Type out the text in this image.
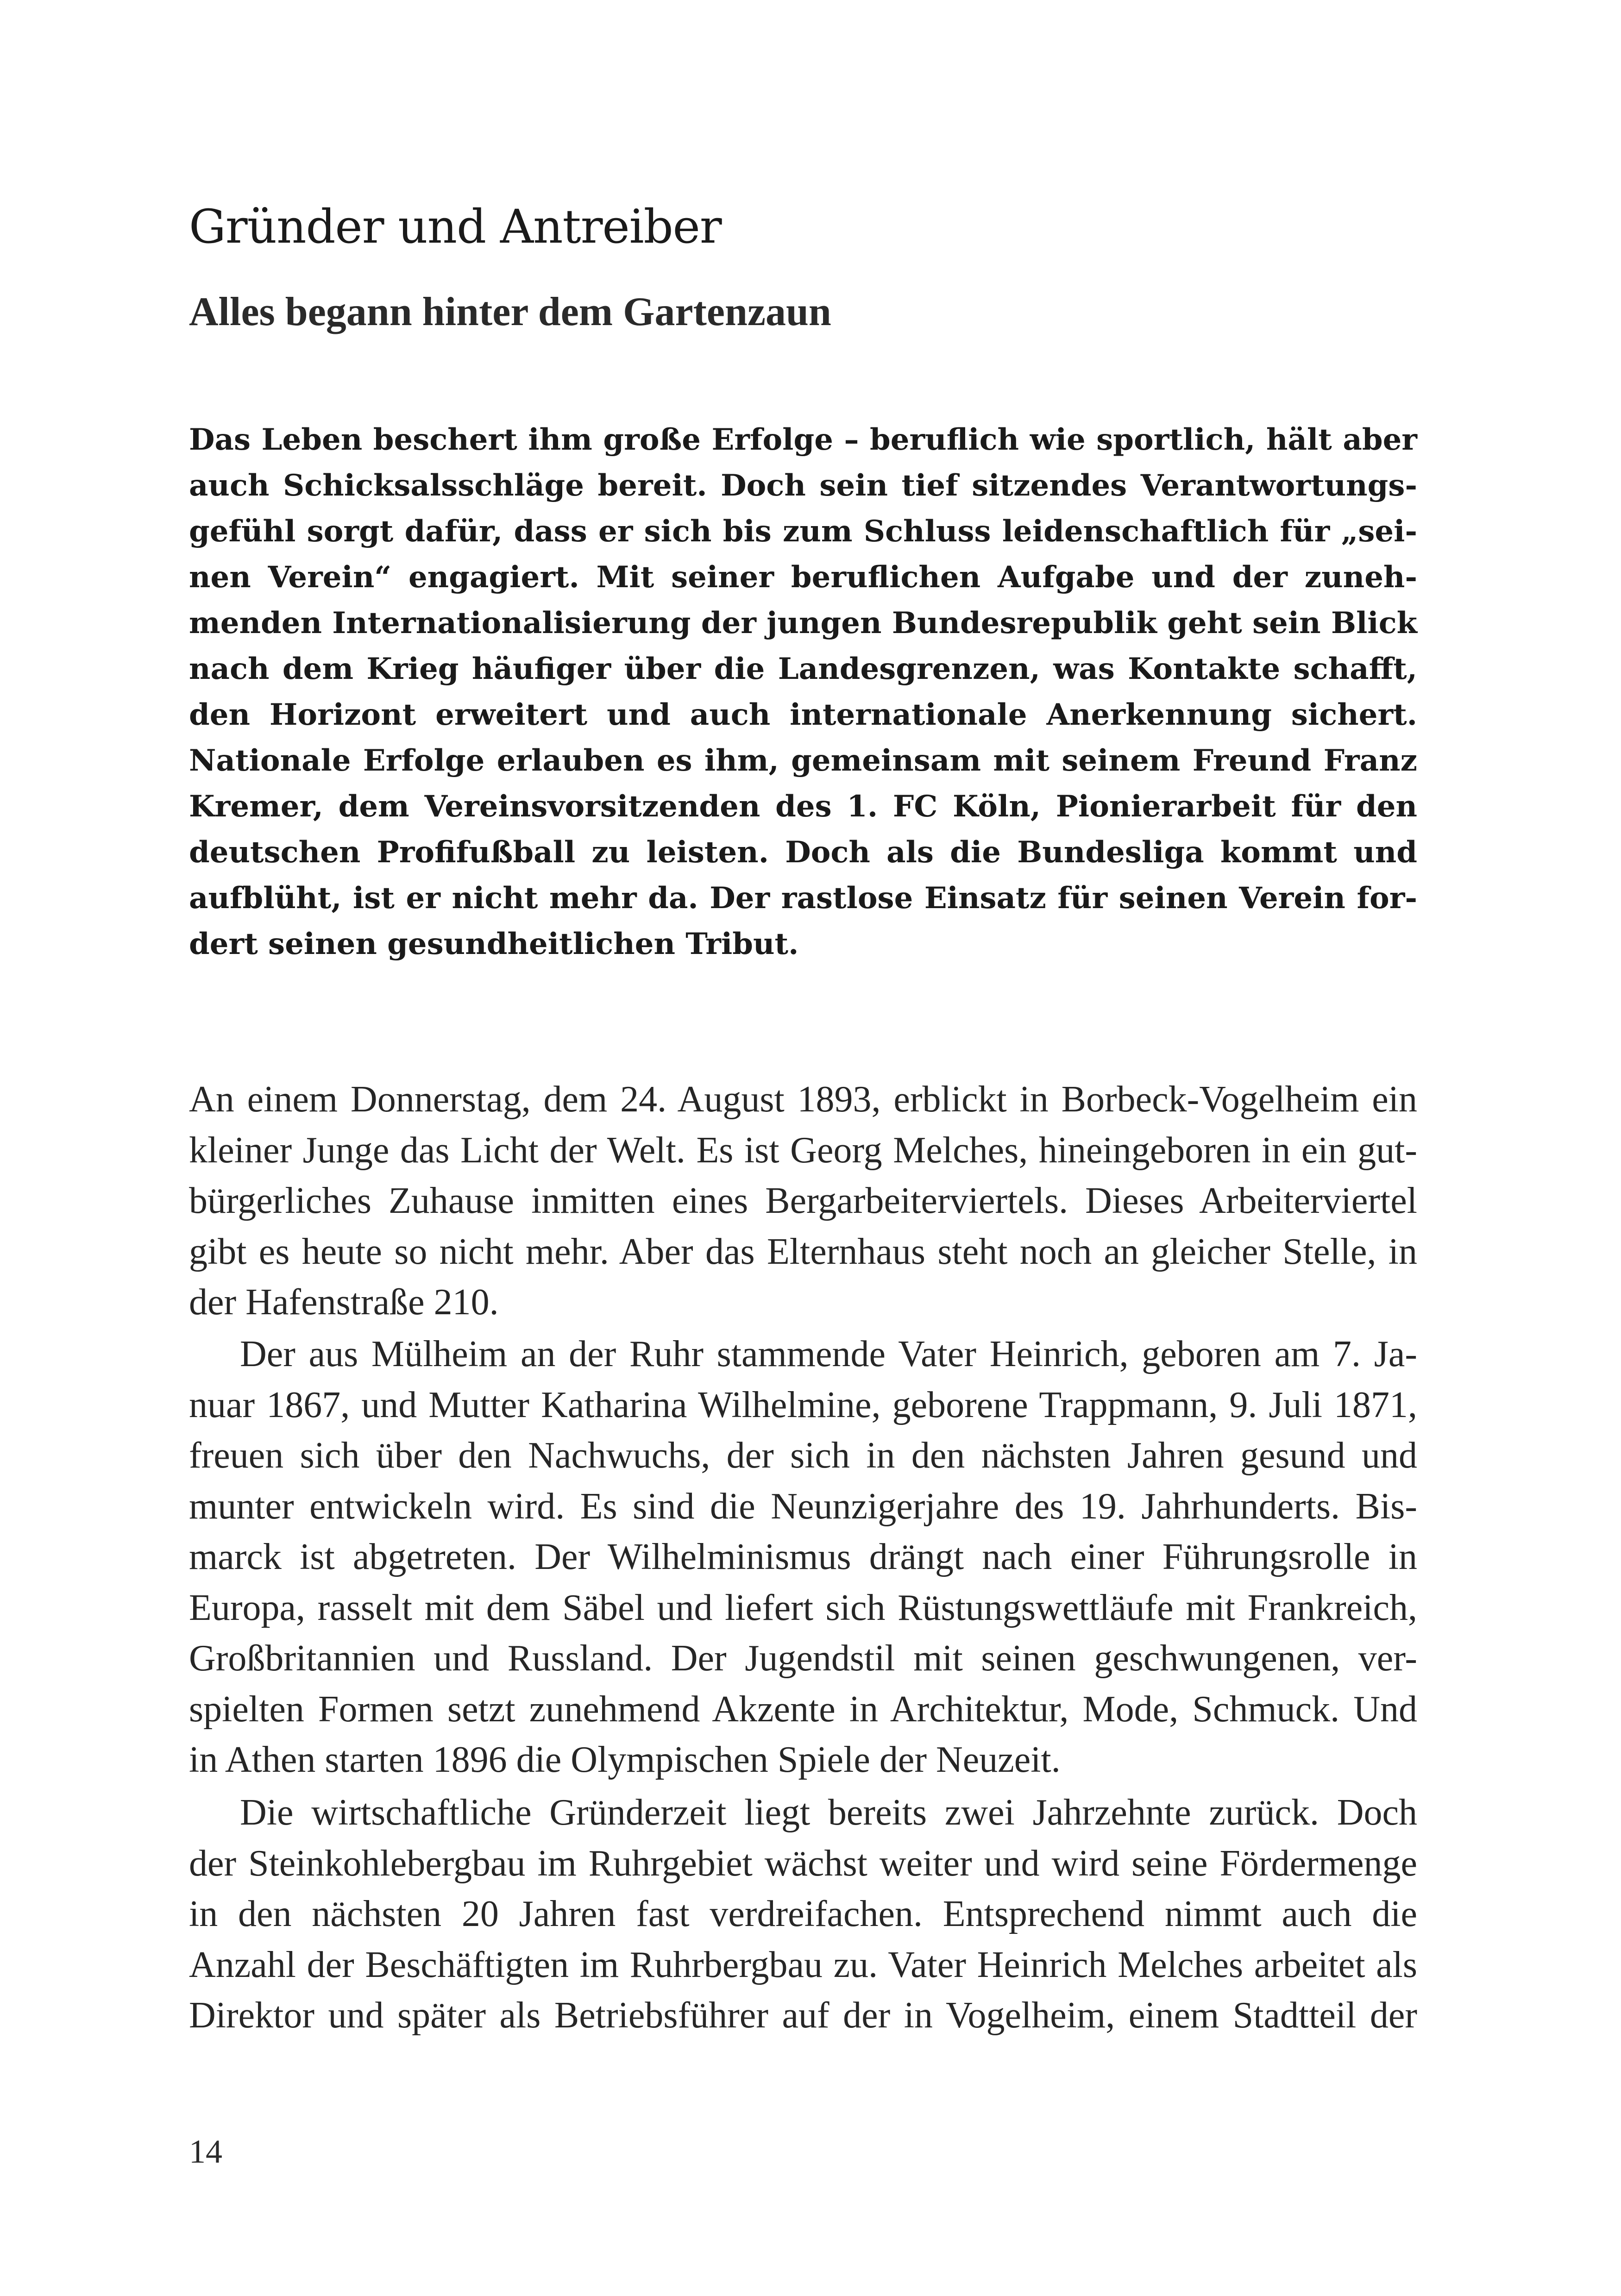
Gründer und Antreiber
Alles begann hinter dem Gartenzaun
Das Leben beschert ihm große Erfolge – beruflich wie sportlich, hält aber
auch Schicksalsschläge bereit. Doch sein tief sitzendes Verantwortungs-
gefühl sorgt dafür, dass er sich bis zum Schluss leidenschaftlich für „sei-
nen Verein“ engagiert. Mit seiner beruflichen Aufgabe und der zuneh-
menden Internationalisierung der jungen Bundesrepublik geht sein Blick
nach dem Krieg häufiger über die Landesgrenzen, was Kontakte schafft,
den Horizont erweitert und auch internationale Anerkennung sichert.
Nationale Erfolge erlauben es ihm, gemeinsam mit seinem Freund Franz
Kremer, dem Vereinsvorsitzenden des 1. FC Köln, Pionierarbeit für den
deutschen Profifußball zu leisten. Doch als die Bundesliga kommt und
aufblüht, ist er nicht mehr da. Der rastlose Einsatz für seinen Verein for-
dert seinen gesundheitlichen Tribut.
An einem Donnerstag, dem 24. August 1893, erblickt in Borbeck-Vogelheim ein
kleiner Junge das Licht der Welt. Es ist Georg Melches, hineingeboren in ein gut-
bürgerliches Zuhause inmitten eines Bergarbeiterviertels. Dieses Arbeiterviertel
gibt es heute so nicht mehr. Aber das Elternhaus steht noch an gleicher Stelle, in
der Hafenstraße 210.
Der aus Mülheim an der Ruhr stammende Vater Heinrich, geboren am 7. Ja-
nuar 1867, und Mutter Katharina Wilhelmine, geborene Trappmann, 9. Juli 1871,
freuen sich über den Nachwuchs, der sich in den nächsten Jahren gesund und
munter entwickeln wird. Es sind die Neunzigerjahre des 19. Jahrhunderts. Bis-
marck ist abgetreten. Der Wilhelminismus drängt nach einer Führungsrolle in
Europa, rasselt mit dem Säbel und liefert sich Rüstungswettläufe mit Frankreich,
Großbritannien und Russland. Der Jugendstil mit seinen geschwungenen, ver-
spielten Formen setzt zunehmend Akzente in Architektur, Mode, Schmuck. Und
in Athen starten 1896 die Olympischen Spiele der Neuzeit.
Die wirtschaftliche Gründerzeit liegt bereits zwei Jahrzehnte zurück. Doch
der Steinkohlebergbau im Ruhrgebiet wächst weiter und wird seine Fördermenge
in den nächsten 20 Jahren fast verdreifachen. Entsprechend nimmt auch die
Anzahl der Beschäftigten im Ruhrbergbau zu. Vater Heinrich Melches arbeitet als
Direktor und später als Betriebsführer auf der in Vogelheim, einem Stadtteil der

14
